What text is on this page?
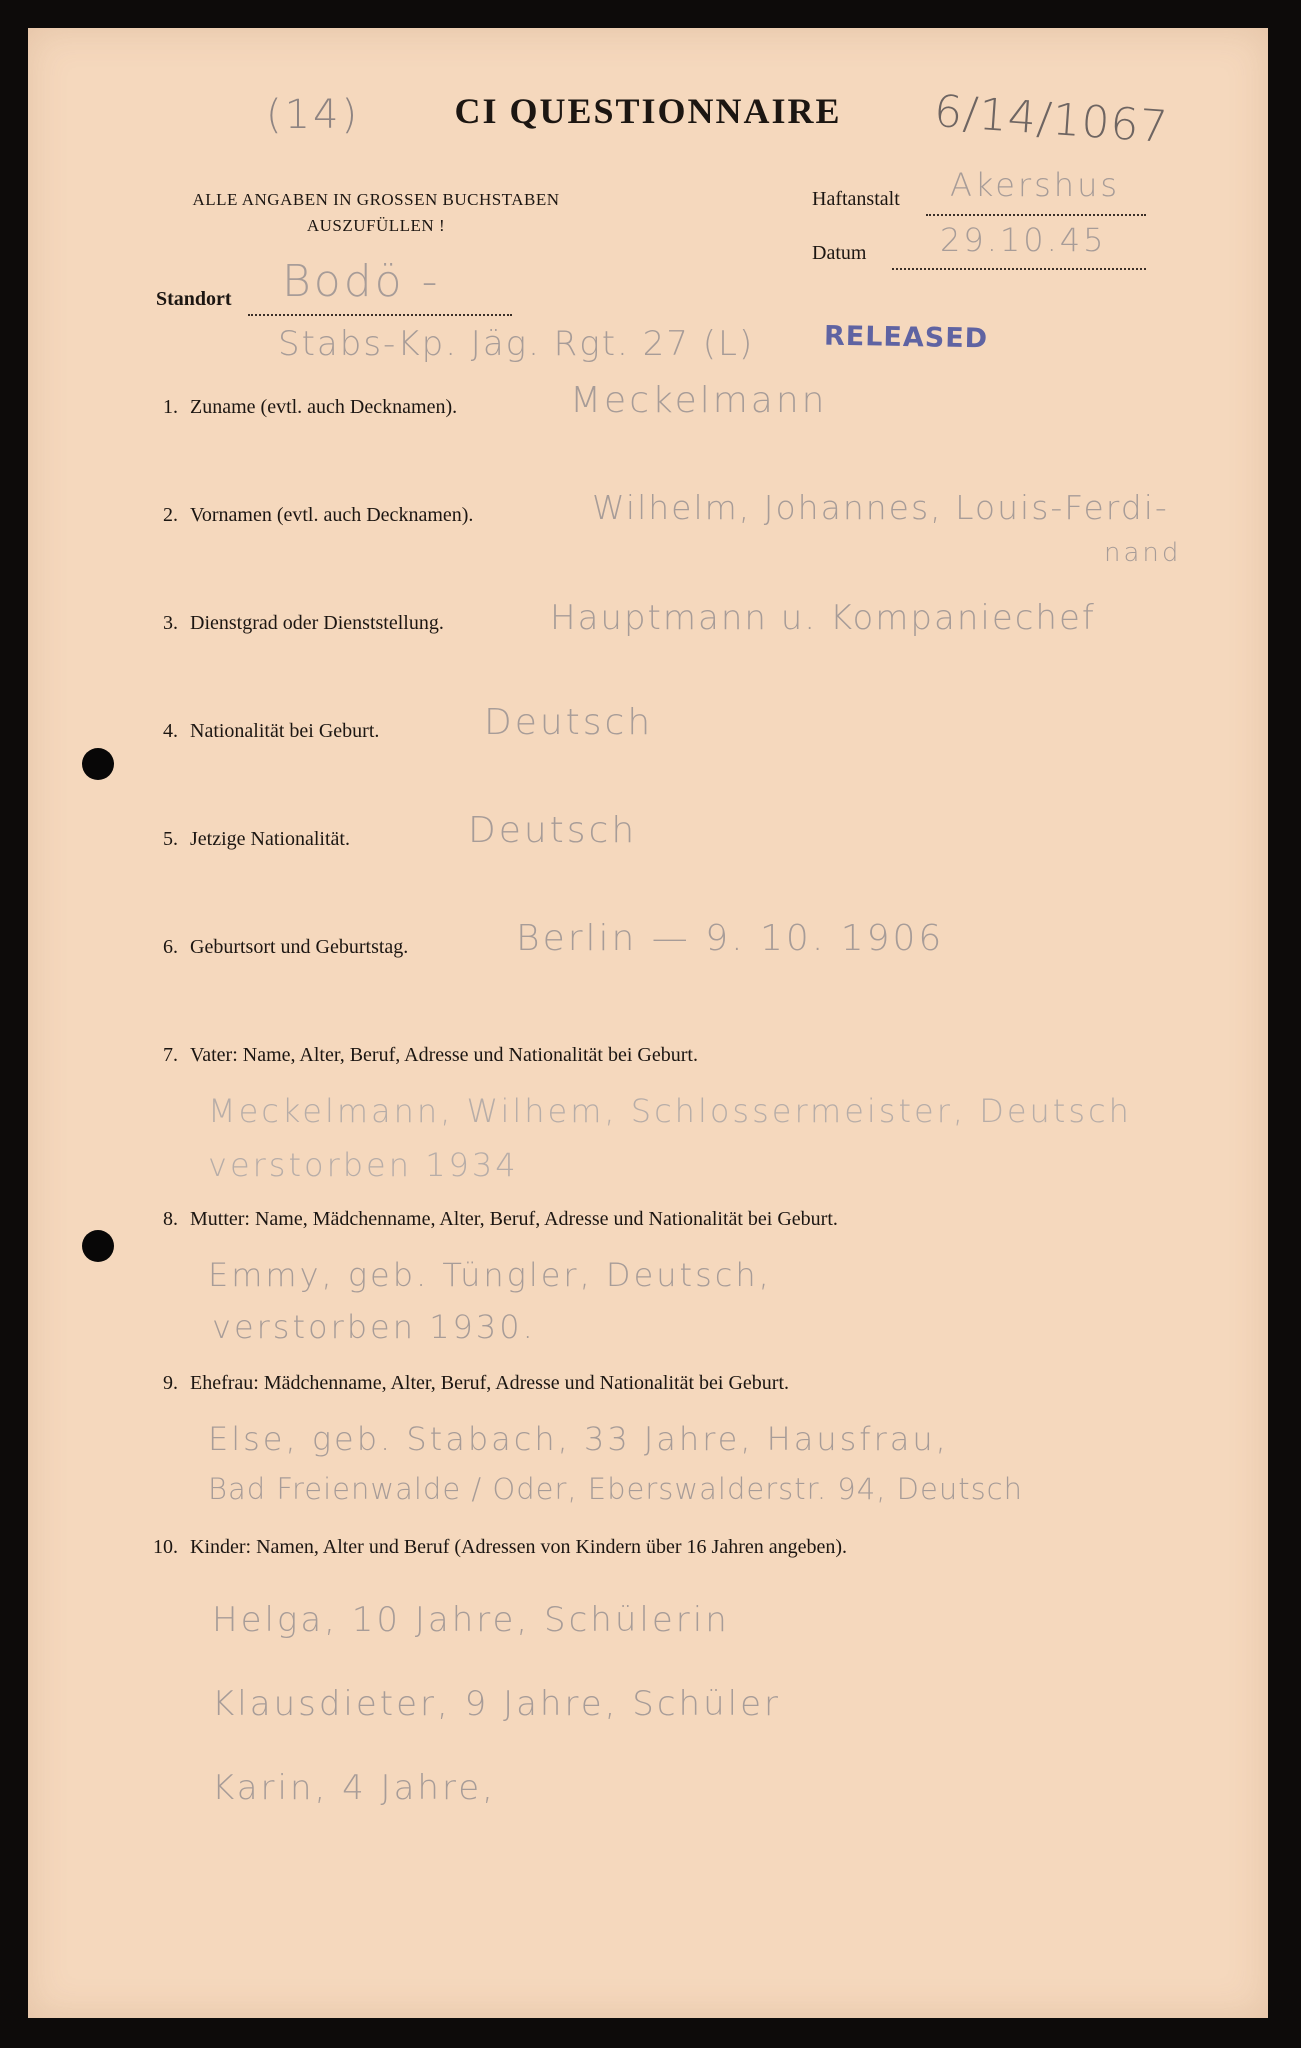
(14)	CI QUESTIONNAIRE	6/14/1067
ALLE ANGABEN IN GROSSEN BUCHSTABEN
AUSZUFÜLLEN !
Haftanstalt Akershus
Datum 29.10.45
Standort Bodö -
Stabs-Kp. Jäg. Rgt. 27 (L)	RELEASED
1. Zuname (evtl. auch Decknamen).	Meckelmann
2. Vornamen (evtl. auch Decknamen).	Wilhelm, Johannes, Louis-Ferdi-
nand
3. Dienstgrad oder Dienststellung.	Hauptmann u. Kompaniechef
4. Nationalität bei Geburt.	Deutsch
5. Jetzige Nationalität.	Deutsch
6. Geburtsort und Geburtstag.	Berlin — 9. 10. 1906
7. Vater: Name, Alter, Beruf, Adresse und Nationalität bei Geburt.
Meckelmann, Wilhem, Schlossermeister, Deutsch
verstorben 1934
8. Mutter: Name, Mädchenname, Alter, Beruf, Adresse und Nationalität bei Geburt.
Emmy, geb. Tüngler, Deutsch,
verstorben 1930.
9. Ehefrau: Mädchenname, Alter, Beruf, Adresse und Nationalität bei Geburt.
Else, geb. Stabach, 33 Jahre, Hausfrau,
Bad Freienwalde / Oder, Eberswalderstr. 94, Deutsch
10. Kinder: Namen, Alter und Beruf (Adressen von Kindern über 16 Jahren angeben).
Helga, 10 Jahre, Schülerin
Klausdieter, 9 Jahre, Schüler
Karin, 4 Jahre,
